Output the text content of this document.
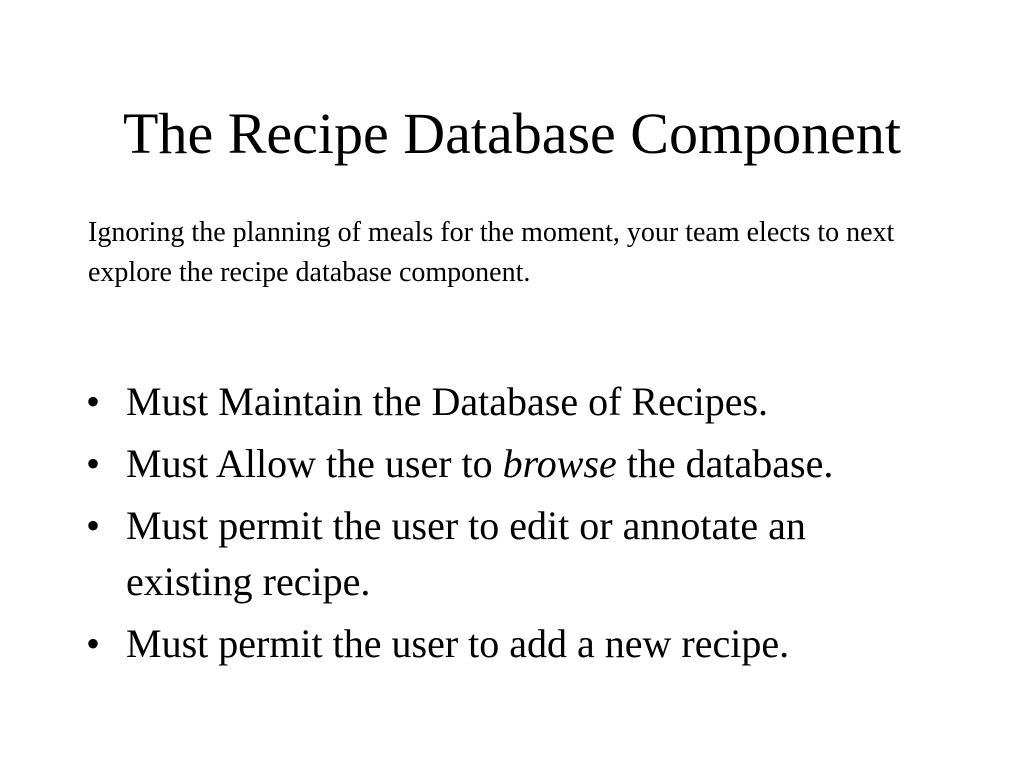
The Recipe Database Component

Ignoring the planning of meals for the moment, your team elects to next explore the recipe database component.

• Must Maintain the Database of Recipes.
• Must Allow the user to browse the database.
• Must permit the user to edit or annotate an existing recipe.
• Must permit the user to add a new recipe.
